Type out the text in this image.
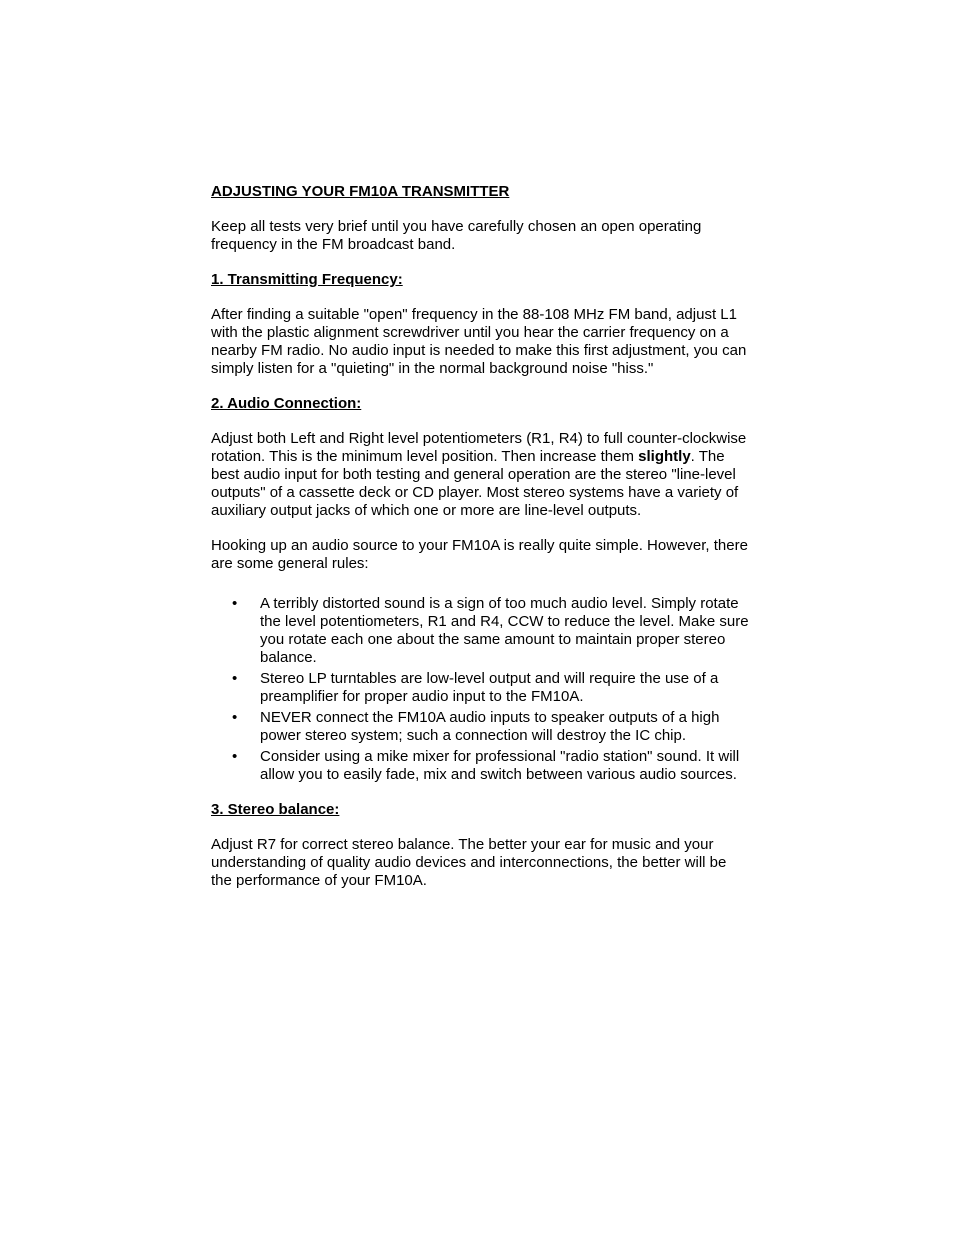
ADJUSTING YOUR FM10A TRANSMITTER

Keep all tests very brief until you have carefully chosen an open operating frequency in the FM broadcast band.

1. Transmitting Frequency:

After finding a suitable "open" frequency in the 88-108 MHz FM band, adjust L1 with the plastic alignment screwdriver until you hear the carrier frequency on a nearby FM radio. No audio input is needed to make this first adjustment, you can simply listen for a "quieting" in the normal background noise "hiss."

2. Audio Connection:

Adjust both Left and Right level potentiometers (R1, R4) to full counter-clockwise rotation. This is the minimum level position. Then increase them slightly. The best audio input for both testing and general operation are the stereo "line-level outputs" of a cassette deck or CD player. Most stereo systems have a variety of auxiliary output jacks of which one or more are line-level outputs.

Hooking up an audio source to your FM10A is really quite simple. However, there are some general rules:

• A terribly distorted sound is a sign of too much audio level. Simply rotate the level potentiometers, R1 and R4, CCW to reduce the level. Make sure you rotate each one about the same amount to maintain proper stereo balance.
• Stereo LP turntables are low-level output and will require the use of a preamplifier for proper audio input to the FM10A.
• NEVER connect the FM10A audio inputs to speaker outputs of a high power stereo system; such a connection will destroy the IC chip.
• Consider using a mike mixer for professional "radio station" sound. It will allow you to easily fade, mix and switch between various audio sources.
3. Stereo balance:

Adjust R7 for correct stereo balance. The better your ear for music and your understanding of quality audio devices and interconnections, the better will be the performance of your FM10A.
